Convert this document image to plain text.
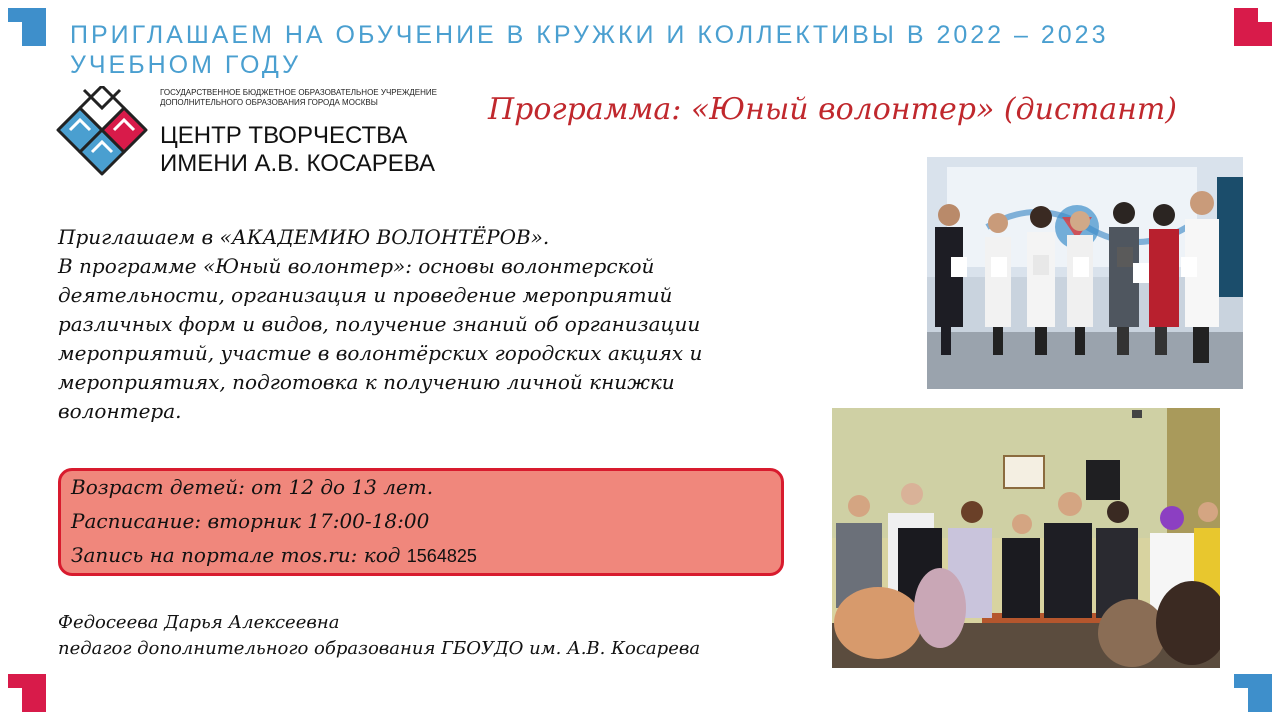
ПРИГЛАШАЕМ НА ОБУЧЕНИЕ В КРУЖКИ И КОЛЛЕКТИВЫ В 2022 – 2023 УЧЕБНОМ ГОДУ
ГОСУДАРСТВЕННОЕ БЮДЖЕТНОЕ ОБРАЗОВАТЕЛЬНОЕ УЧРЕЖДЕНИЕ
ДОПОЛНИТЕЛЬНОГО ОБРАЗОВАНИЯ ГОРОДА МОСКВЫ
ЦЕНТР ТВОРЧЕСТВА
ИМЕНИ А.В. КОСАРЕВА
Программа: «Юный волонтер» (дистант)

Приглашаем в «АКАДЕМИЮ ВОЛОНТЁРОВ».

В программе «Юный волонтер»: основы волонтерской деятельности, организация и проведение мероприятий различных форм и видов, получение знаний об организации мероприятий, участие в волонтёрских городских акциях и мероприятиях, подготовка к получению личной книжки волонтера.

Возраст детей: от 12 до 13 лет.
Расписание: вторник 17:00-18:00
Запись на портале mos.ru: код 1564825
Федосеева Дарья Алексеевна
педагог дополнительного образования ГБОУДО им. А.В. Косарева
